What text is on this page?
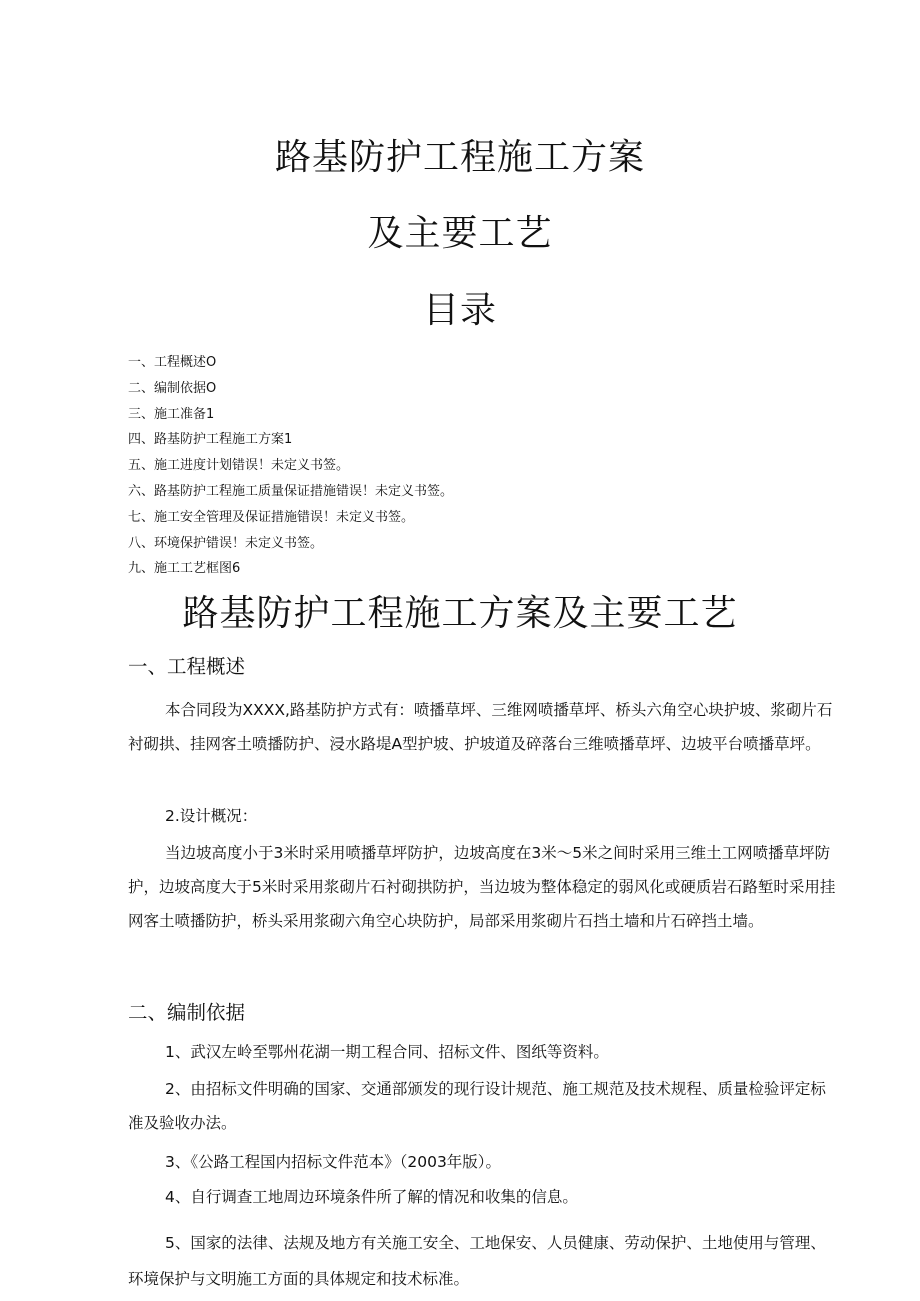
路基防护工程施工方案
及主要工艺
目录
一、工程概述O
二、编制依据O
三、施工准备1
四、路基防护工程施工方案1
五、施工进度计划错误！未定义书签。
六、路基防护工程施工质量保证措施错误！未定义书签。
七、施工安全管理及保证措施错误！未定义书签。
八、环境保护错误！未定义书签。
九、施工工艺框图6
路基防护工程施工方案及主要工艺
一、工程概述

本合同段为XXXX,路基防护方式有：喷播草坪、三维网喷播草坪、桥头六角空心块护坡、浆砌片石衬砌拱、挂网客土喷播防护、浸水路堤A型护坡、护坡道及碎落台三维喷播草坪、边坡平台喷播草坪。

2.设计概况：

当边坡高度小于3米时采用喷播草坪防护，边坡高度在3米～5米之间时采用三维土工网喷播草坪防护，边坡高度大于5米时采用浆砌片石衬砌拱防护，当边坡为整体稳定的弱风化或硬质岩石路堑时采用挂网客土喷播防护，桥头采用浆砌六角空心块防护，局部采用浆砌片石挡土墙和片石碎挡土墙。

二、编制依据

1、武汉左岭至鄂州花湖一期工程合同、招标文件、图纸等资料。

2、由招标文件明确的国家、交通部颁发的现行设计规范、施工规范及技术规程、质量检验评定标准及验收办法。

3、《公路工程国内招标文件范本》（2003年版）。

4、自行调查工地周边环境条件所了解的情况和收集的信息。

5、国家的法律、法规及地方有关施工安全、工地保安、人员健康、劳动保护、土地使用与管理、环境保护与文明施工方面的具体规定和技术标准。
